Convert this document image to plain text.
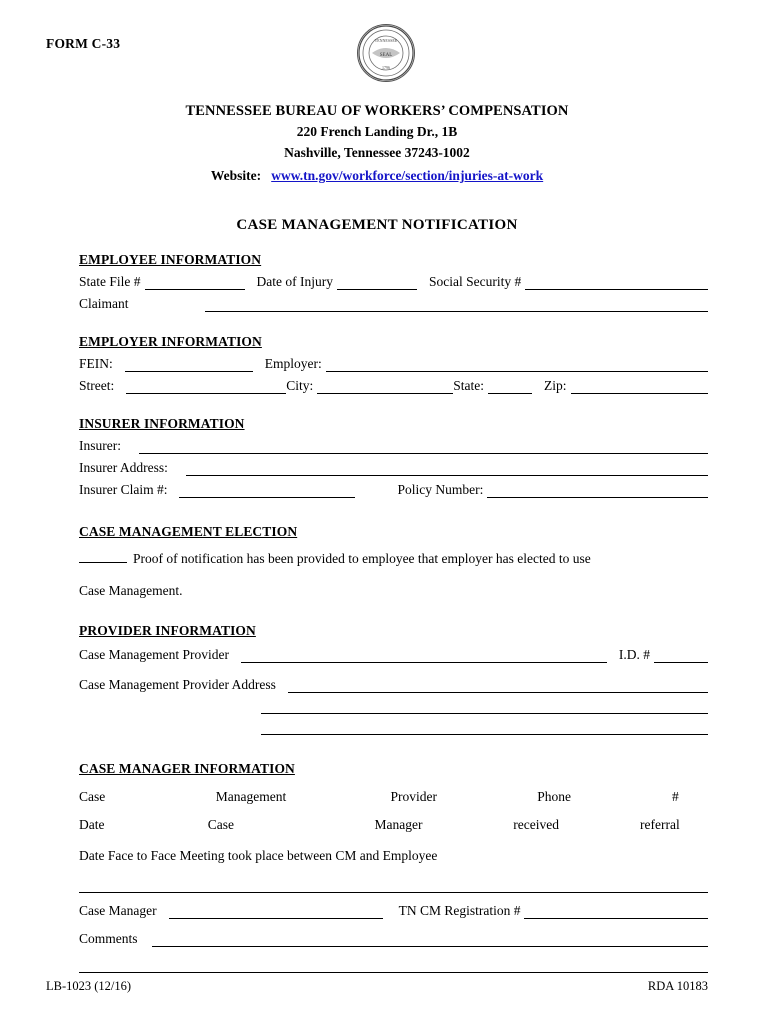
FORM C-33	TENNESSEE
SEAL
1796
TENNESSEE BUREAU OF WORKERS’ COMPENSATION
220 French Landing Dr., 1B
Nashville, Tennessee 37243-1002
Website: www.tn.gov/workforce/section/injuries-at-work
CASE MANAGEMENT NOTIFICATION
EMPLOYEE INFORMATION
State File #	Date of Injury	Social Security #
Claimant
EMPLOYER INFORMATION
FEIN:	Employer:
Street:	City:	State:	Zip:
INSURER INFORMATION
Insurer:
Insurer Address:
Insurer Claim #:	Policy Number:
CASE MANAGEMENT ELECTION
Proof of notification has been provided to employee that employer has elected to use
Case Management.
PROVIDER INFORMATION
Case Management Provider	I.D. #
Case Management Provider Address
CASE MANAGER INFORMATION
Case	Management	Provider	Phone	#
Date	Case	Manager	received	referral
Date Face to Face Meeting took place between CM and Employee
Case Manager	TN CM Registration #
Comments
LB-1023 (12/16)	RDA 10183
